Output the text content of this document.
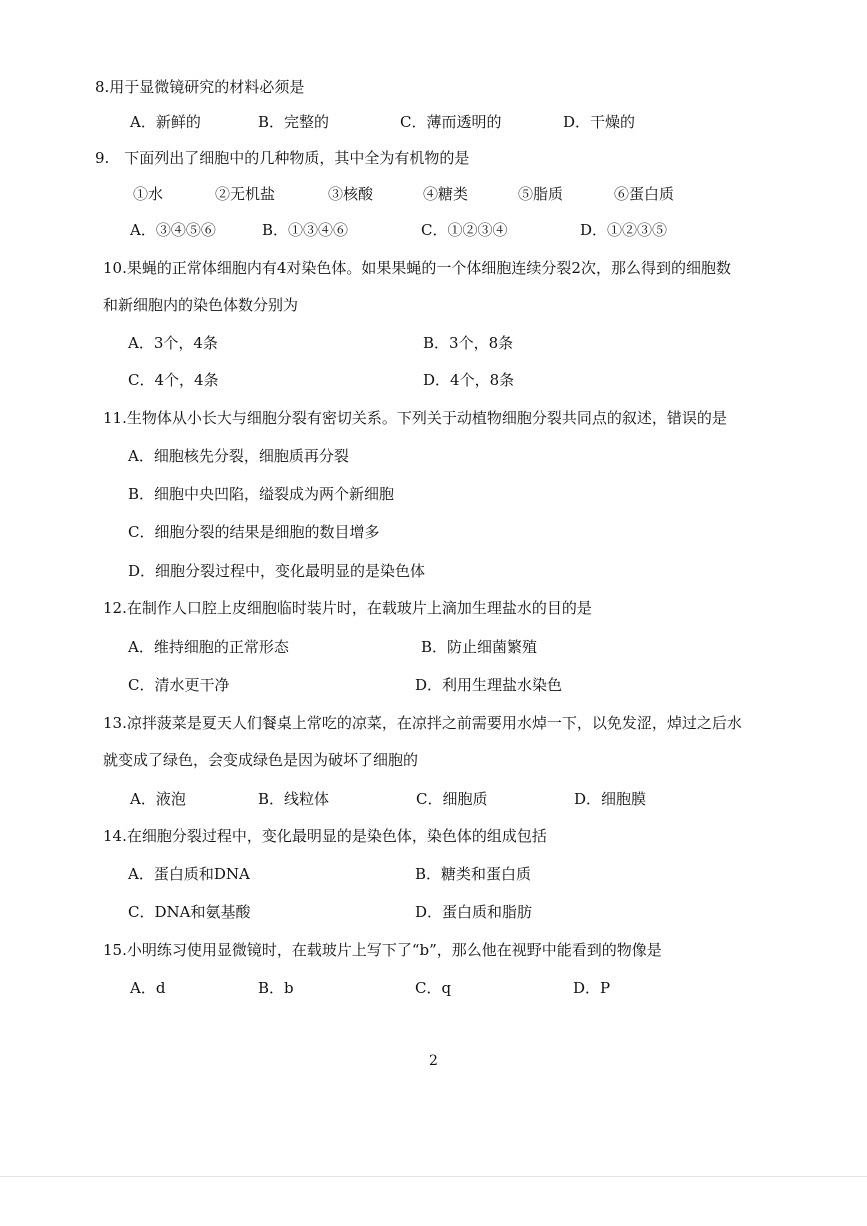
8.用于显微镜研究的材料必须是
A．新鲜的	B．完整的	C．薄而透明的	D．干燥的
9.　下面列出了细胞中的几种物质，其中全为有机物的是
①水	②无机盐	③核酸	④糖类	⑤脂质	⑥蛋白质
A．③④⑤⑥	B．①③④⑥	C．①②③④	D．①②③⑤
10.果蝇的正常体细胞内有4对染色体。如果果蝇的一个体细胞连续分裂2次，那么得到的细胞数
和新细胞内的染色体数分别为
A．3个，4条	B．3个，8条
C．4个，4条	D．4个，8条
11.生物体从小长大与细胞分裂有密切关系。下列关于动植物细胞分裂共同点的叙述，错误的是
A．细胞核先分裂，细胞质再分裂
B．细胞中央凹陷，缢裂成为两个新细胞
C．细胞分裂的结果是细胞的数目增多
D．细胞分裂过程中，变化最明显的是染色体
12.在制作人口腔上皮细胞临时装片时，在载玻片上滴加生理盐水的目的是
A．维持细胞的正常形态	B．防止细菌繁殖
C．清水更干净	D．利用生理盐水染色
13.凉拌菠菜是夏天人们餐桌上常吃的凉菜，在凉拌之前需要用水焯一下，以免发涩，焯过之后水
就变成了绿色，会变成绿色是因为破坏了细胞的
A．液泡	B．线粒体	C．细胞质	D．细胞膜
14.在细胞分裂过程中，变化最明显的是染色体，染色体的组成包括
A．蛋白质和DNA	B．糖类和蛋白质
C．DNA和氨基酸	D．蛋白质和脂肪
15.小明练习使用显微镜时，在载玻片上写下了“b”，那么他在视野中能看到的物像是
A．d	B．b	C．q	D．P
2
